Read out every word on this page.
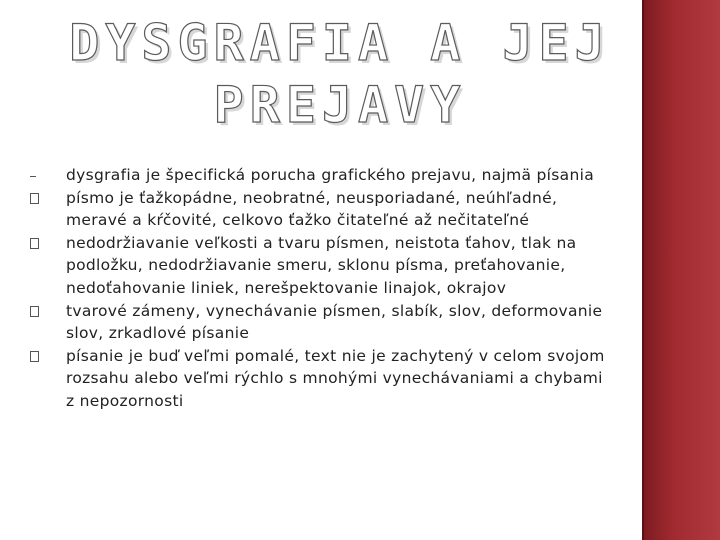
DYSGRAFIA A JEJ
PREJAVY
dysgrafia je špecifická porucha grafického prejavu, najmä písania
písmo je ťažkopádne, neobratné, neusporiadané, neúhľadné, meravé a kŕčovité, celkovo ťažko čitateľné až nečitateľné
nedodržiavanie veľkosti a tvaru písmen, neistota ťahov, tlak na podložku, nedodržiavanie smeru, sklonu písma, preťahovanie, nedoťahovanie liniek, nerešpektovanie linajok, okrajov
tvarové zámeny, vynechávanie písmen, slabík, slov, deformovanie slov, zrkadlové písanie
písanie je buď veľmi pomalé, text nie je zachytený v celom svojom rozsahu alebo veľmi rýchlo s mnohými vynechávaniami a chybami z nepozornosti
